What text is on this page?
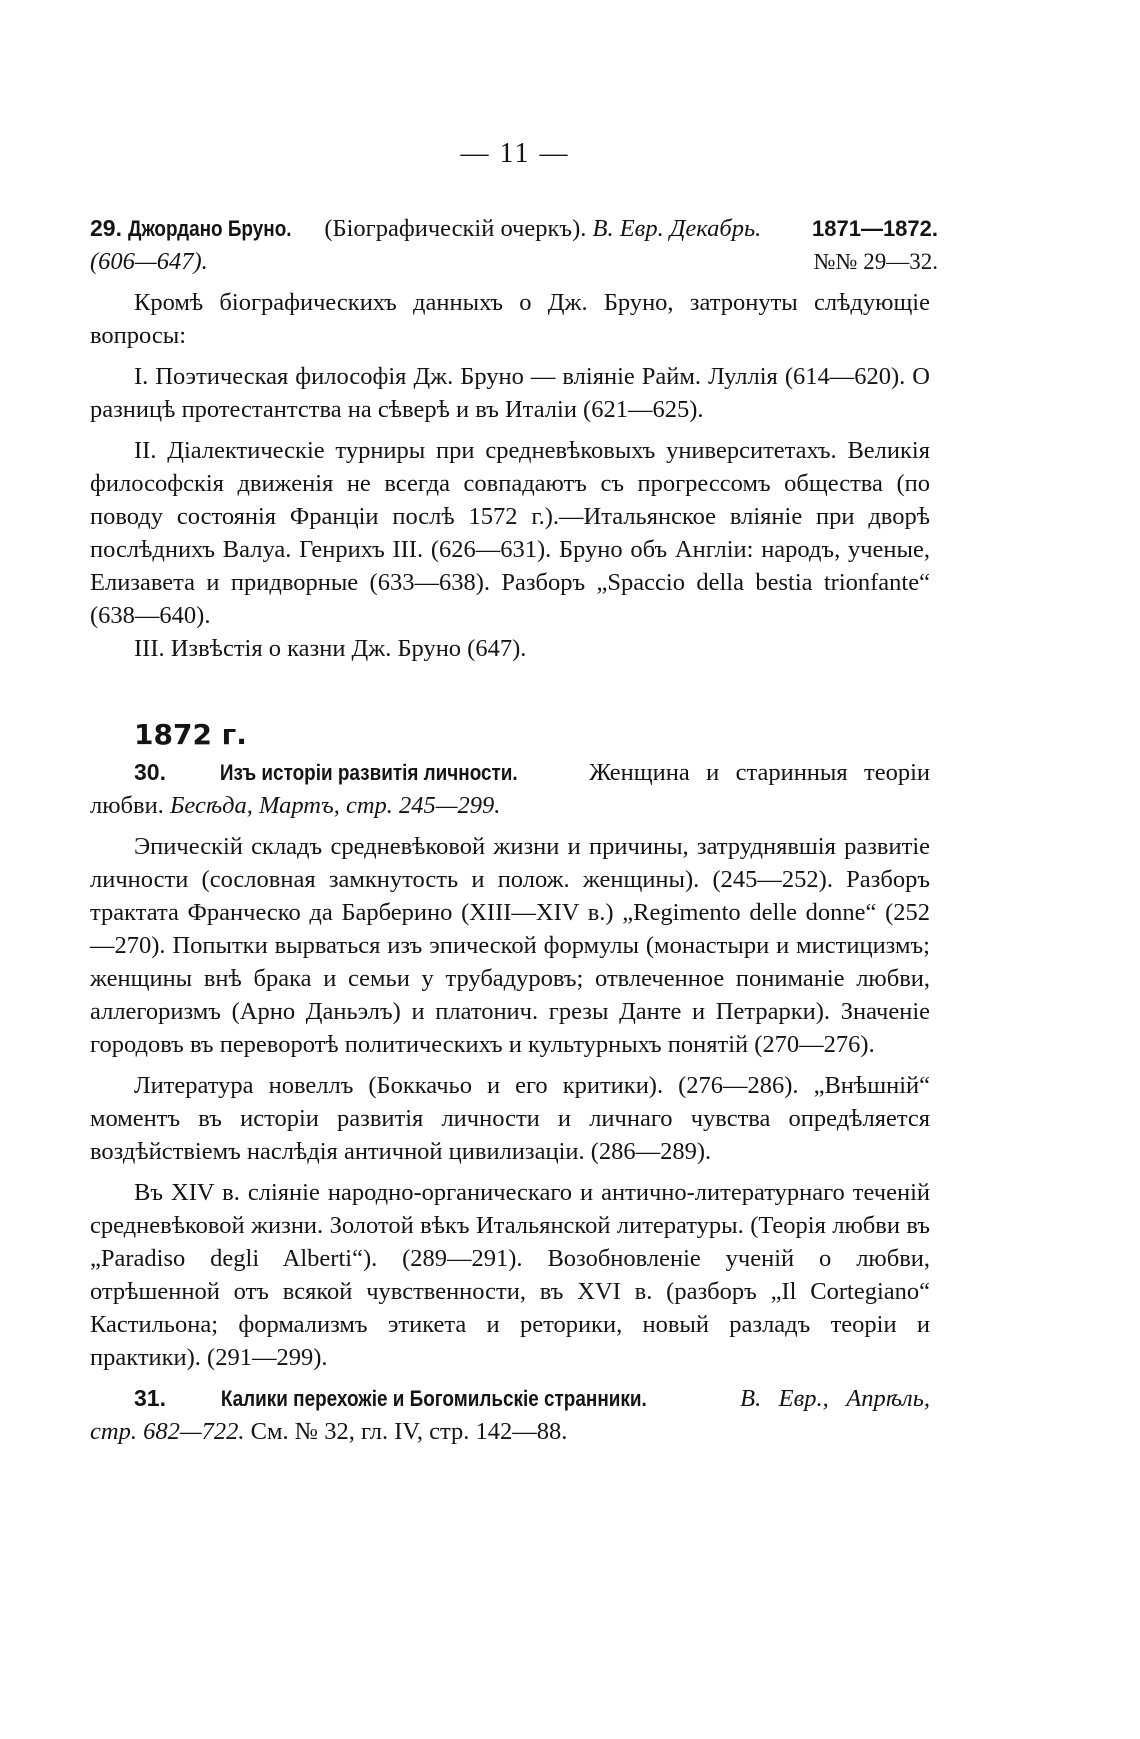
— 11 —

29. Джордано Бруно. (Біографическій очеркъ). В. Евр. Декабрь.

(606—647).

1871—1872.
№№ 29—32.

Кромѣ біографическихъ данныхъ о Дж. Бруно, затронуты слѣдующіе вопросы:

I. Поэтическая философія Дж. Бруно — вліяніе Райм. Луллія (614—620). О разницѣ протестантства на сѣверѣ и въ Италіи (621—625).

II. Діалектическіе турниры при средневѣковыхъ университетахъ. Великія философскія движенія не всегда совпадаютъ съ прогрессомъ общества (по поводу состоянія Франціи послѣ 1572 г.).—Итальянское вліяніе при дворѣ послѣднихъ Валуа. Генрихъ III. (626—631). Бруно объ Англіи: народъ, ученые, Елизавета и придворные (633—638). Разборъ „Spaccio della bestia trionfante“ (638—640).

III. Извѣстія о казни Дж. Бруно (647).

1872 г.

30. Изъ исторіи развитія личности.	Женщина и старинныя теоріи любви. Бесѣда, Мартъ, стр. 245—299.

Эпическій складъ средневѣковой жизни и причины, затруднявшія развитіе личности (сословная замкнутость и полож. женщины). (245—252). Разборъ трактата Франческо да Барберино (XIII—XIV в.) „Regimento delle donne“ (252—270). Попытки вырваться изъ эпической формулы (монастыри и мистицизмъ; женщины внѣ брака и семьи у трубадуровъ; отвлеченное пониманіе любви, аллегоризмъ (Арно Даньэлъ) и платонич. грезы Данте и Петрарки). Значеніе городовъ въ переворотѣ политическихъ и культурныхъ понятій (270—276).

Литература новеллъ (Боккачьо и его критики). (276—286). „Внѣшній“ моментъ въ исторіи развитія личности и личнаго чувства опредѣляется воздѣйствіемъ наслѣдія античной цивилизаціи. (286—289).

Въ XIV в. сліяніе народно-органическаго и антично-литературнаго теченій средневѣковой жизни. Золотой вѣкъ Итальянской литературы. (Теорія любви въ „Paradiso degli Alberti“). (289—291). Возобновленіе ученій о любви, отрѣшенной отъ всякой чувственности, въ XVI в. (разборъ „Il Cortegiano“ Кастильона; формализмъ этикета и реторики, новый разладъ теоріи и практики). (291—299).

31.	Калики перехожіе и Богомильскіе странники.	В. Евр., Апрѣль, стр. 682—722. См. № 32, гл. IV, стр. 142—88.
